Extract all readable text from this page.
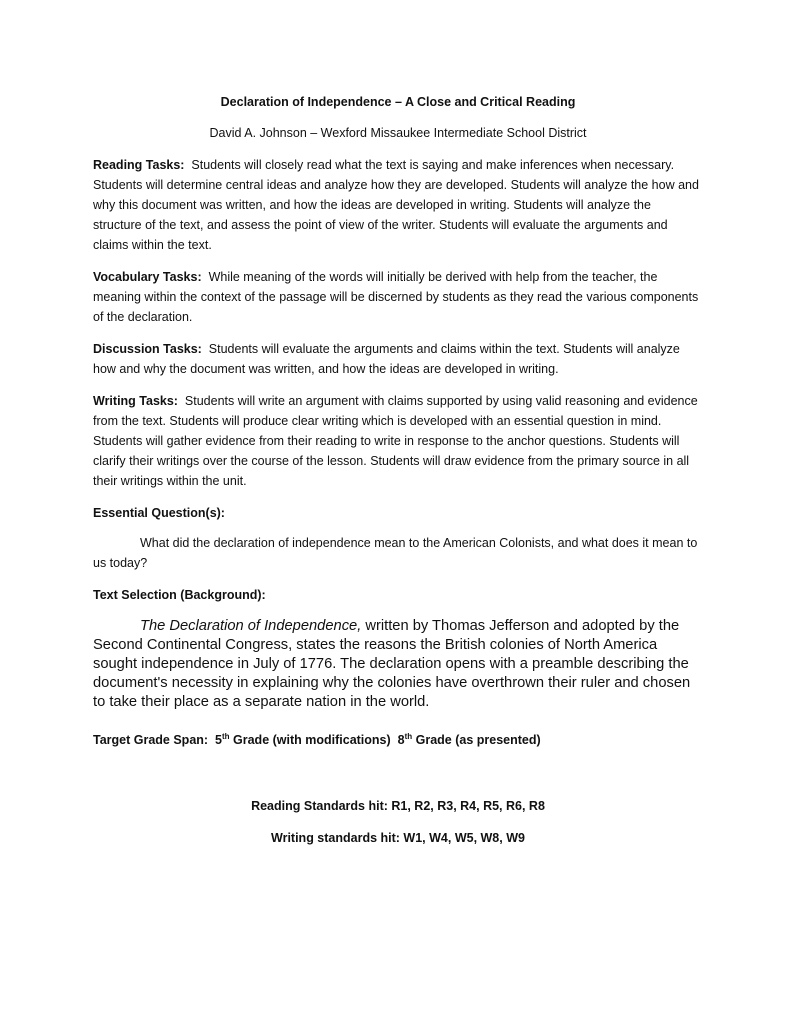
Declaration of Independence – A Close and Critical Reading

David A. Johnson – Wexford Missaukee Intermediate School District

Reading Tasks: Students will closely read what the text is saying and make inferences when necessary. Students will determine central ideas and analyze how they are developed. Students will analyze the how and why this document was written, and how the ideas are developed in writing. Students will analyze the structure of the text, and assess the point of view of the writer. Students will evaluate the arguments and claims within the text.

Vocabulary Tasks: While meaning of the words will initially be derived with help from the teacher, the meaning within the context of the passage will be discerned by students as they read the various components of the declaration.

Discussion Tasks: Students will evaluate the arguments and claims within the text. Students will analyze how and why the document was written, and how the ideas are developed in writing.

Writing Tasks: Students will write an argument with claims supported by using valid reasoning and evidence from the text. Students will produce clear writing which is developed with an essential question in mind. Students will gather evidence from their reading to write in response to the anchor questions. Students will clarify their writings over the course of the lesson. Students will draw evidence from the primary source in all their writings within the unit.

Essential Question(s):

What did the declaration of independence mean to the American Colonists, and what does it mean to us today?

Text Selection (Background):

The Declaration of Independence, written by Thomas Jefferson and adopted by the Second Continental Congress, states the reasons the British colonies of North America sought independence in July of 1776. The declaration opens with a preamble describing the document's necessity in explaining why the colonies have overthrown their ruler and chosen to take their place as a separate nation in the world.

Target Grade Span: 5th Grade (with modifications) 8th Grade (as presented)

Reading Standards hit: R1, R2, R3, R4, R5, R6, R8

Writing standards hit: W1, W4, W5, W8, W9
